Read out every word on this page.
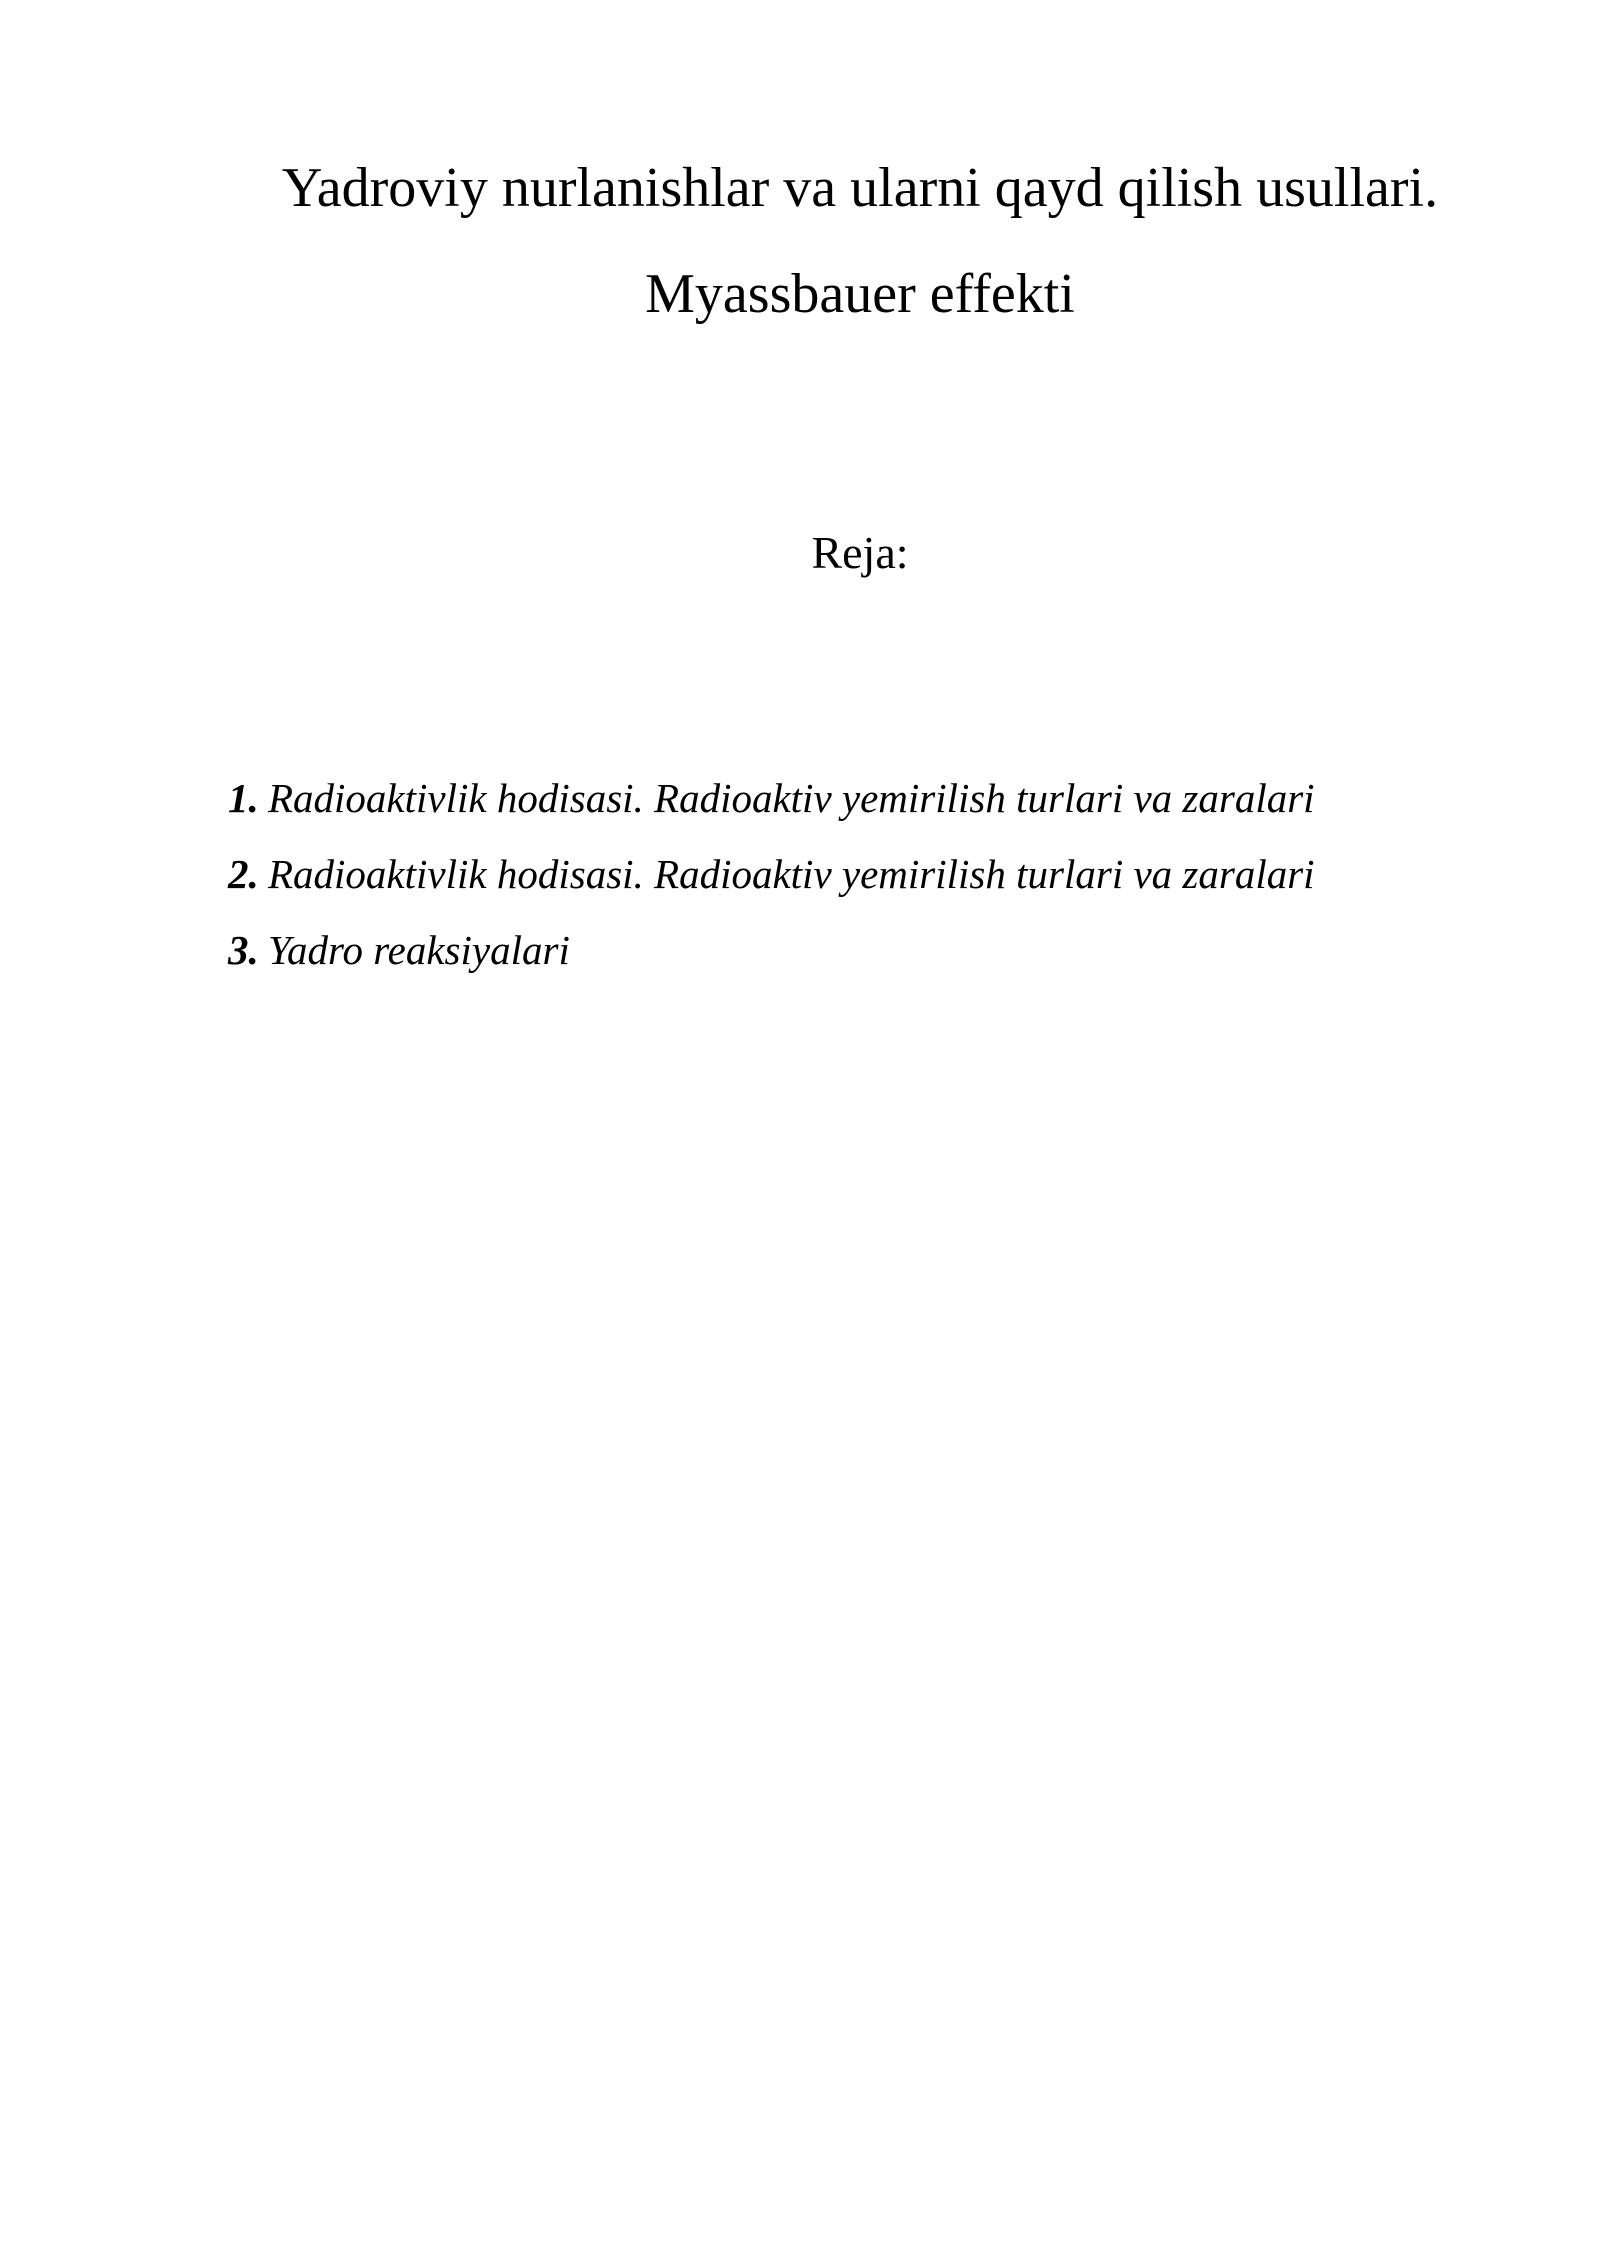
Yadroviy nurlanishlar va ularni qayd qilish usullari.
Myassbauer effekti
Reja:
1. Radioaktivlik hodisasi. Radioaktiv yemirilish turlari va zaralari
2. Radioaktivlik hodisasi. Radioaktiv yemirilish turlari va zaralari
3. Yadro reaksiyalari
